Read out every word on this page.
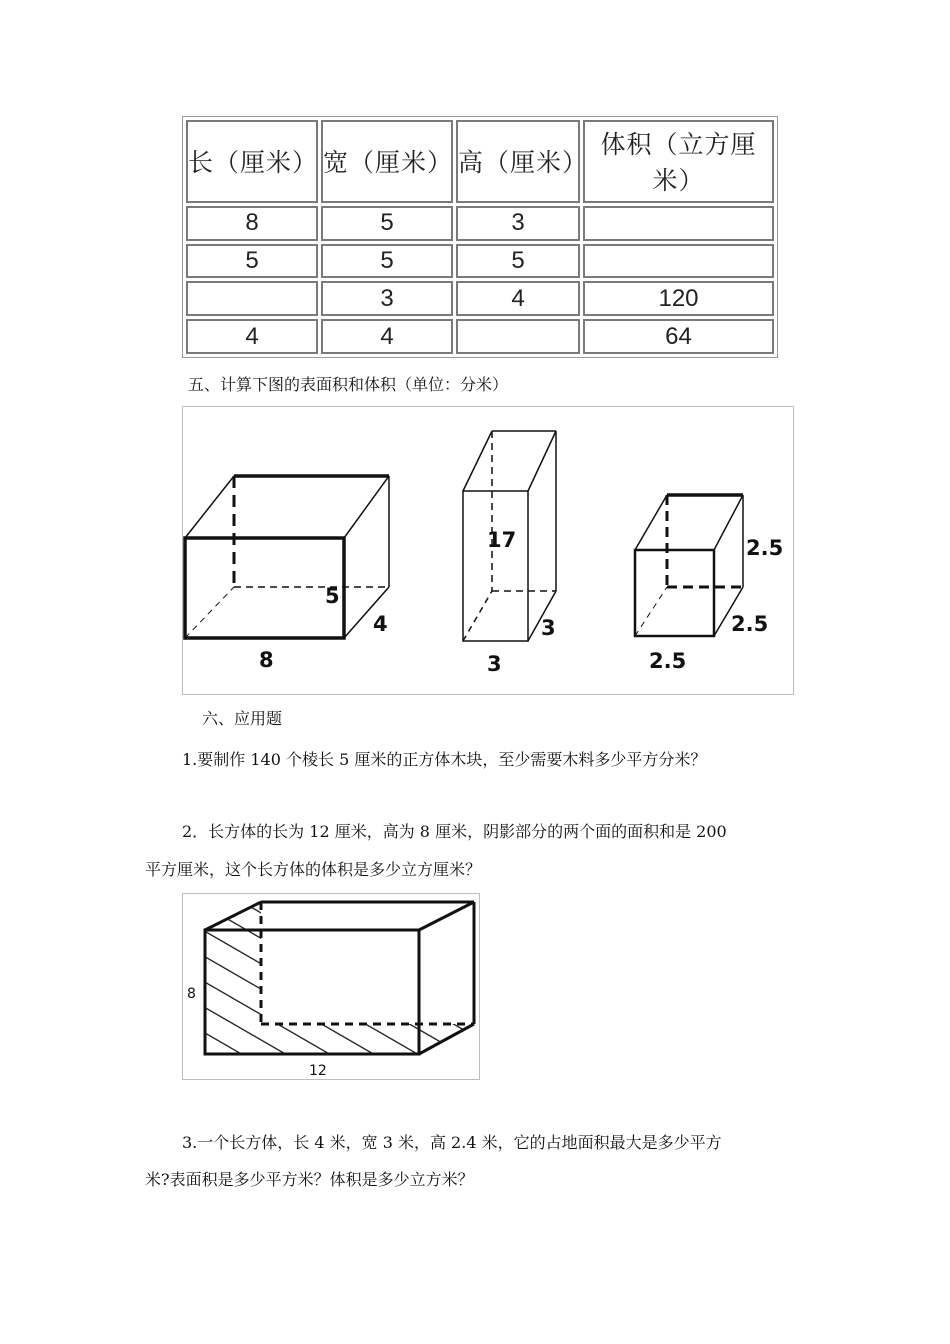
长（厘米）	宽（厘米）	高（厘米）	体积（立方厘米）
8	5	3	
5	5	5	
	3	4	120
4	4		64
五、计算下图的表面积和体积（单位：分米）
5
4
8
17
3
3
2.5
2.5
2.5
六、应用题
1.要制作 140 个棱长 5 厘米的正方体木块，至少需要木料多少平方分米？
2．长方体的长为 12 厘米，高为 8 厘米，阴影部分的两个面的面积和是 200
平方厘米，这个长方体的体积是多少立方厘米？
8
12
3.一个长方体，长 4 米，宽 3 米，高 2.4 米，它的占地面积最大是多少平方
米?表面积是多少平方米？体积是多少立方米？
